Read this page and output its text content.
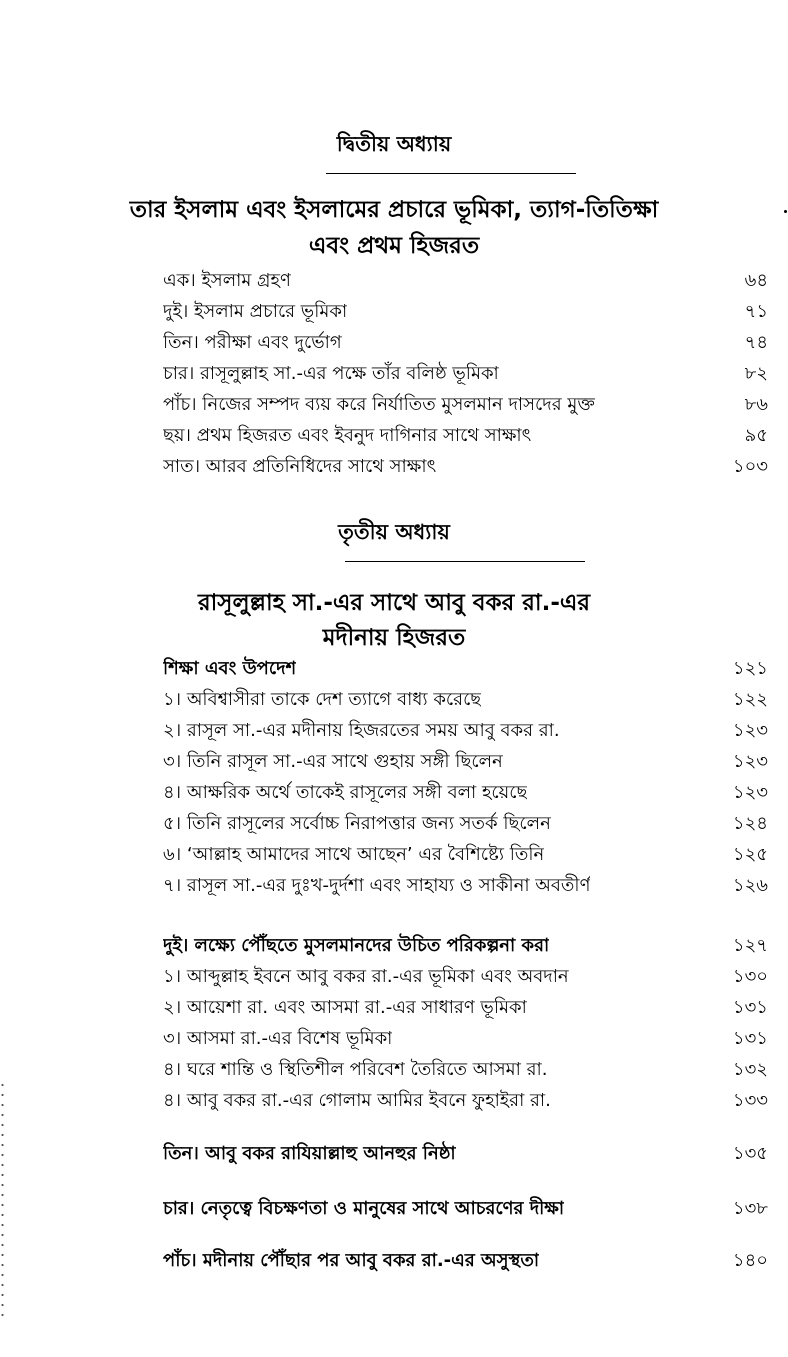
দ্বিতীয় অধ্যায়
তার ইসলাম এবং ইসলামের প্রচারে ভূমিকা, ত্যাগ-তিতিক্ষা
এবং প্রথম হিজরত
এক। ইসলাম গ্রহণ	৬৪
দুই। ইসলাম প্রচারে ভূমিকা	৭১
তিন। পরীক্ষা এবং দুর্ভোগ	৭৪
চার। রাসূলুল্লাহ সা.-এর পক্ষে তাঁর বলিষ্ঠ ভূমিকা	৮২
পাঁচ। নিজের সম্পদ ব্যয় করে নির্যাতিত মুসলমান দাসদের মুক্ত	৮৬
ছয়। প্রথম হিজরত এবং ইবনুদ দাগিনার সাথে সাক্ষাৎ	৯৫
সাত। আরব প্রতিনিধিদের সাথে সাক্ষাৎ	১০৩
তৃতীয় অধ্যায়
রাসূলুল্লাহ সা.-এর সাথে আবু বকর রা.-এর
মদীনায় হিজরত
শিক্ষা এবং উপদেশ	১২১
১। অবিশ্বাসীরা তাকে দেশ ত্যাগে বাধ্য করেছে	১২২
২। রাসূল সা.-এর মদীনায় হিজরতের সময় আবু বকর রা.	১২৩
৩। তিনি রাসূল সা.-এর সাথে গুহায় সঙ্গী ছিলেন	১২৩
৪। আক্ষরিক অর্থে তাকেই রাসূলের সঙ্গী বলা হয়েছে	১২৩
৫। তিনি রাসূলের সর্বোচ্চ নিরাপত্তার জন্য সতর্ক ছিলেন	১২৪
৬। ‘আল্লাহ আমাদের সাথে আছেন’ এর বৈশিষ্ট্যে তিনি	১২৫
৭। রাসূল সা.-এর দুঃখ-দুর্দশা এবং সাহায্য ও সাকীনা অবতীর্ণ	১২৬
দুই। লক্ষ্যে পৌঁছতে মুসলমানদের উচিত পরিকল্পনা করা	১২৭
১। আব্দুল্লাহ ইবনে আবু বকর রা.-এর ভূমিকা এবং অবদান	১৩০
২। আয়েশা রা. এবং আসমা রা.-এর সাধারণ ভূমিকা	১৩১
৩। আসমা রা.-এর বিশেষ ভূমিকা	১৩১
৪। ঘরে শান্তি ও স্থিতিশীল পরিবেশ তৈরিতে আসমা রা.	১৩২
৪। আবু বকর রা.-এর গোলাম আমির ইবনে ফুহাইরা রা.	১৩৩
তিন। আবু বকর রাযিয়াল্লাহু আনহুর নিষ্ঠা	১৩৫
চার। নেতৃত্বে বিচক্ষণতা ও মানুষের সাথে আচরণের দীক্ষা	১৩৮
পাঁচ। মদীনায় পৌঁছার পর আবু বকর রা.-এর অসুস্থতা	১৪০
